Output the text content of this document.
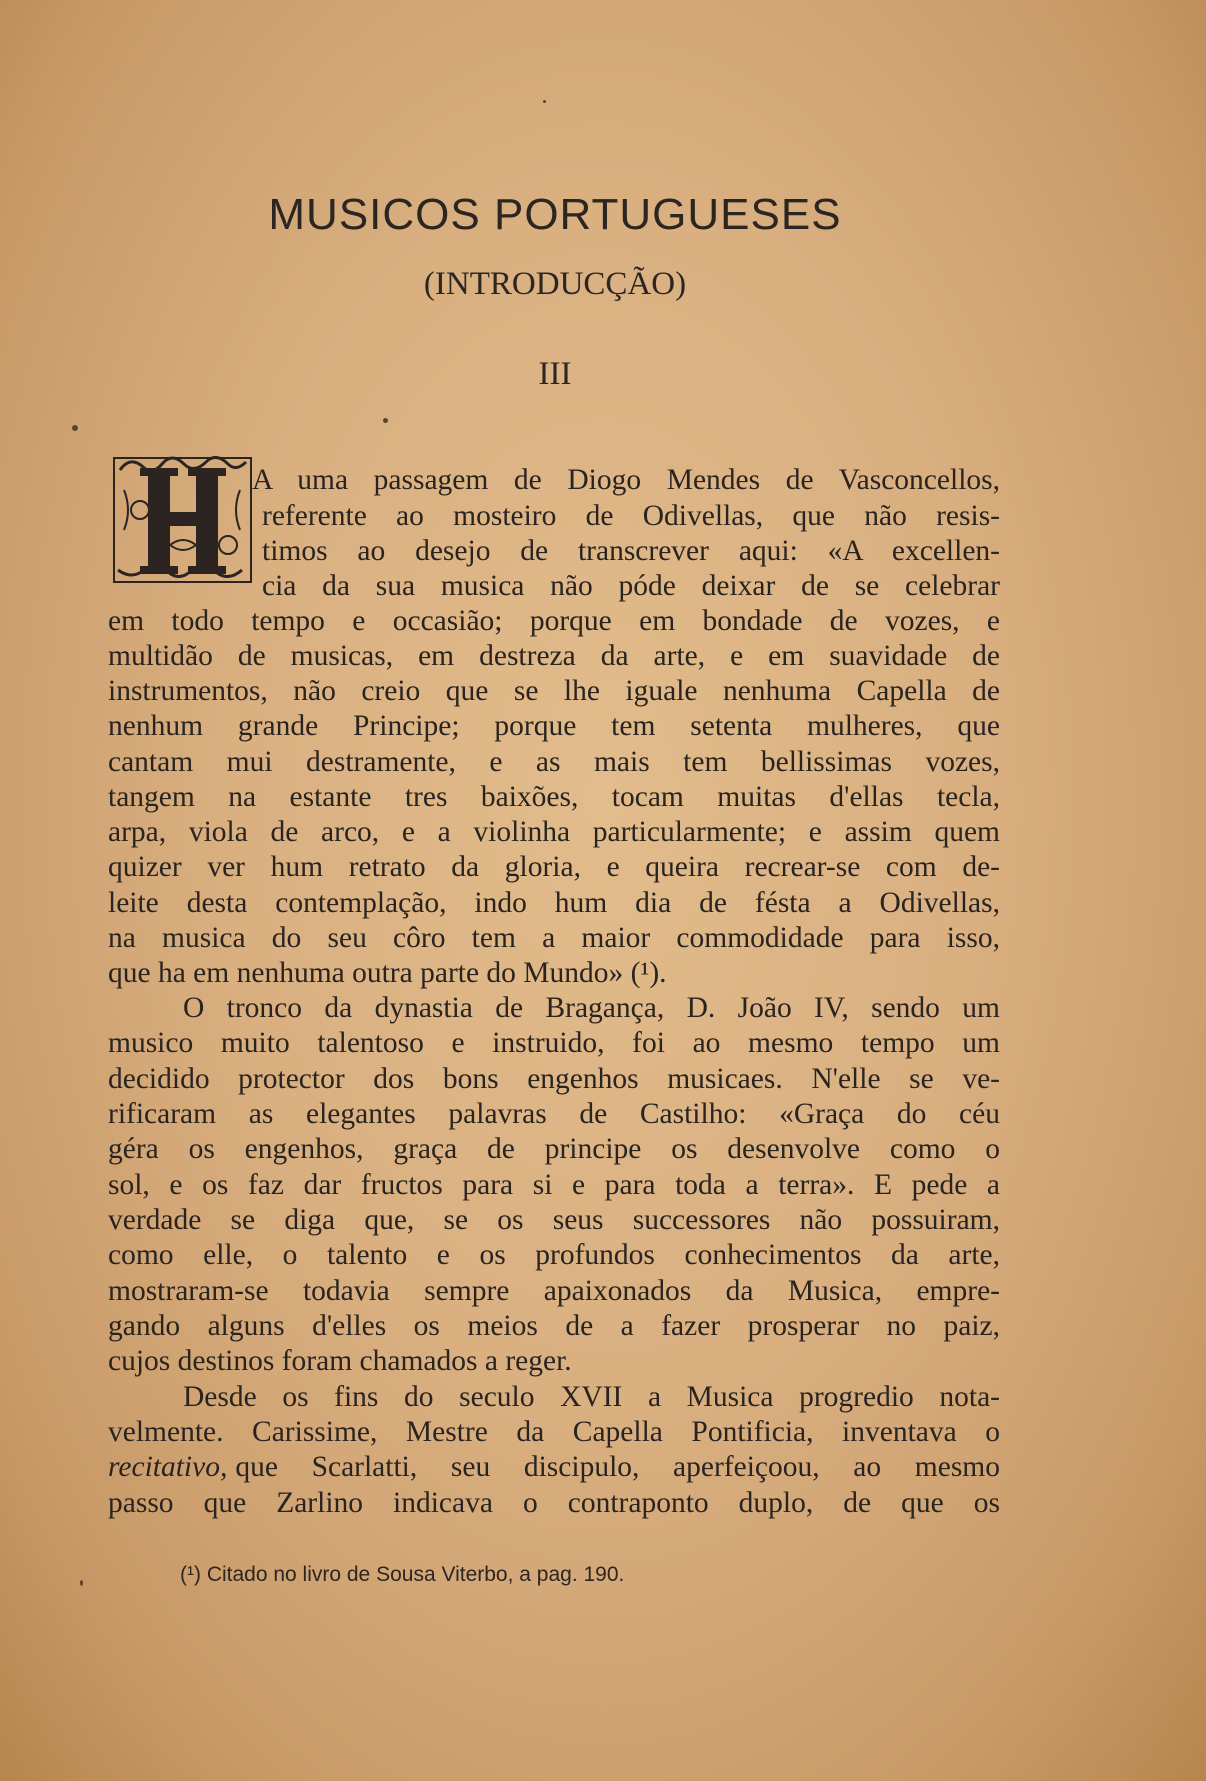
MUSICOS PORTUGUESES
(INTRODUCÇÃO)
III
A uma passagem de Diogo Mendes de Vasconcellos,
referente ao mosteiro de Odivellas, que não resis-
timos ao desejo de transcrever aqui: «A excellen-
cia da sua musica não póde deixar de se celebrar
em todo tempo e occasião; porque em bondade de vozes, e
multidão de musicas, em destreza da arte, e em suavidade de
instrumentos, não creio que se lhe iguale nenhuma Capella de
nenhum grande Principe; porque tem setenta mulheres, que
cantam mui destramente, e as mais tem bellissimas vozes,
tangem na estante tres baixões, tocam muitas d'ellas tecla,
arpa, viola de arco, e a violinha particularmente; e assim quem
quizer ver hum retrato da gloria, e queira recrear-se com de-
leite desta contemplação, indo hum dia de fésta a Odivellas,
na musica do seu côro tem a maior commodidade para isso,
que ha em nenhuma outra parte do Mundo» (¹).
O tronco da dynastia de Bragança, D. João IV, sendo um
musico muito talentoso e instruido, foi ao mesmo tempo um
decidido protector dos bons engenhos musicaes. N'elle se ve-
rificaram as elegantes palavras de Castilho: «Graça do céu
géra os engenhos, graça de principe os desenvolve como o
sol, e os faz dar fructos para si e para toda a terra». E pede a
verdade se diga que, se os seus successores não possuiram,
como elle, o talento e os profundos conhecimentos da arte,
mostraram-se todavia sempre apaixonados da Musica, empre-
gando alguns d'elles os meios de a fazer prosperar no paiz,
cujos destinos foram chamados a reger.
Desde os fins do seculo XVII a Musica progredio nota-
velmente. Carissime, Mestre da Capella Pontificia, inventava o
recitativo, que Scarlatti, seu discipulo, aperfeiçoou, ao mesmo
passo que Zarlino indicava o contraponto duplo, de que os
(¹) Citado no livro de Sousa Viterbo, a pag. 190.
